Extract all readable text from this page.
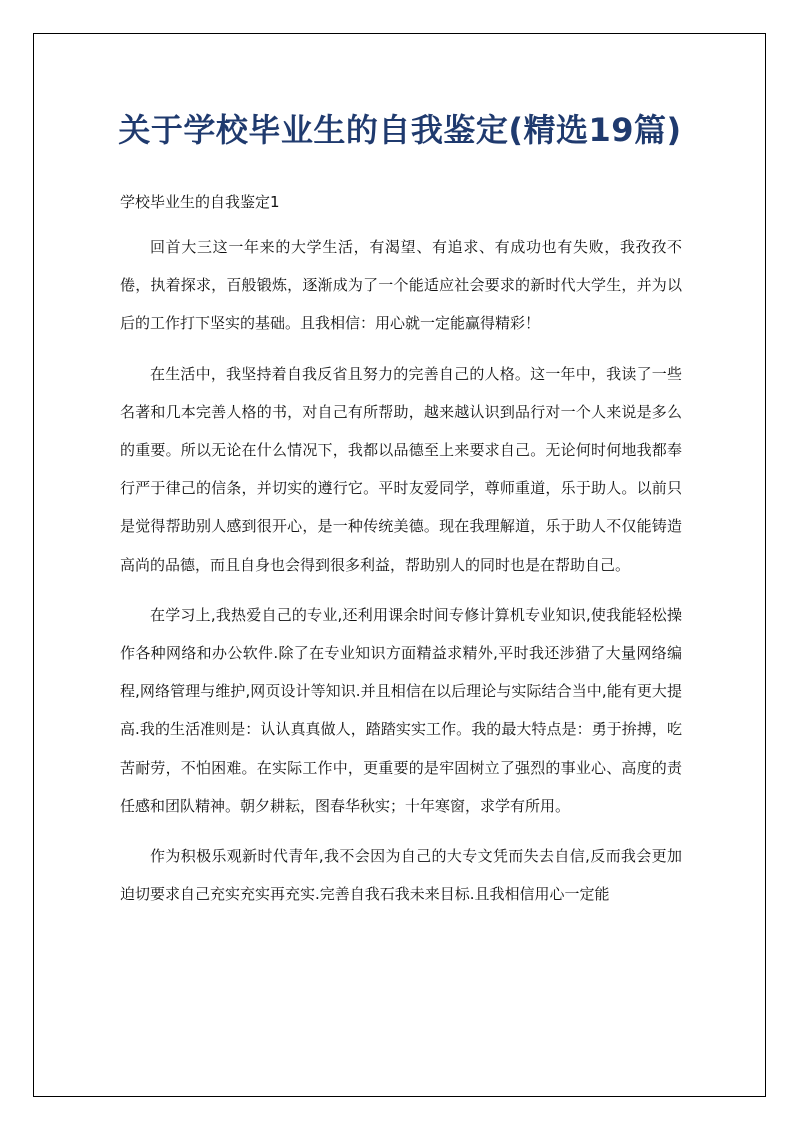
关于学校毕业生的自我鉴定(精选19篇)

学校毕业生的自我鉴定1

回首大三这一年来的大学生活，有渴望、有追求、有成功也有失败，我孜孜不倦，执着探求，百般锻炼，逐渐成为了一个能适应社会要求的新时代大学生，并为以后的工作打下坚实的基础。且我相信：用心就一定能赢得精彩！

在生活中，我坚持着自我反省且努力的完善自己的人格。这一年中，我读了一些名著和几本完善人格的书，对自己有所帮助，越来越认识到品行对一个人来说是多么的重要。所以无论在什么情况下，我都以品德至上来要求自己。无论何时何地我都奉行严于律己的信条，并切实的遵行它。平时友爱同学，尊师重道，乐于助人。以前只是觉得帮助别人感到很开心，是一种传统美德。现在我理解道，乐于助人不仅能铸造高尚的品德，而且自身也会得到很多利益，帮助别人的同时也是在帮助自己。

在学习上,我热爱自己的专业,还利用课余时间专修计算机专业知识,使我能轻松操作各种网络和办公软件.除了在专业知识方面精益求精外,平时我还涉猎了大量网络编程,网络管理与维护,网页设计等知识.并且相信在以后理论与实际结合当中,能有更大提高.我的生活准则是：认认真真做人，踏踏实实工作。我的最大特点是：勇于拚搏，吃苦耐劳，不怕困难。在实际工作中，更重要的是牢固树立了强烈的事业心、高度的责任感和团队精神。朝夕耕耘，图春华秋实；十年寒窗，求学有所用。

作为积极乐观新时代青年,我不会因为自己的大专文凭而失去自信,反而我会更加迫切要求自己充实充实再充实.完善自我石我未来目标.且我相信用心一定能
